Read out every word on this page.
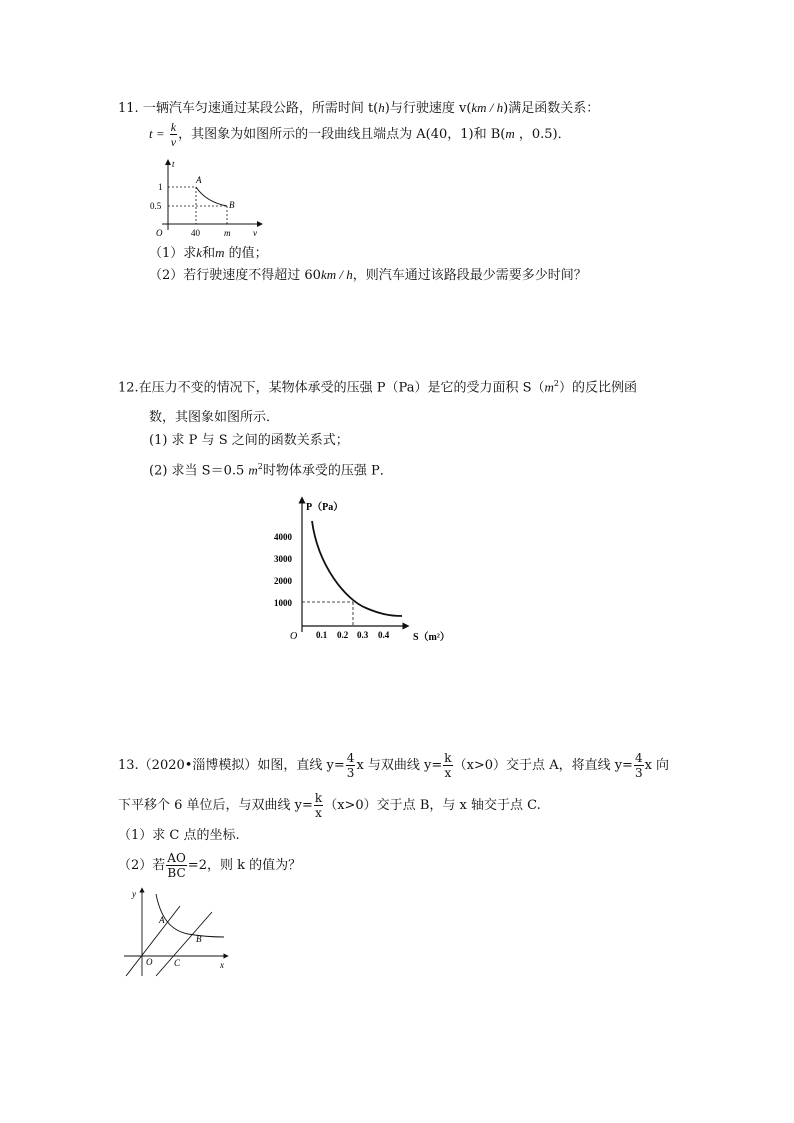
11. 一辆汽车匀速通过某段公路，所需时间 t(h)与行驶速度 v(km / h)满足函数关系：
$t = \frac{k}{v}$ ，其图象为如图所示的一段曲线且端点为 A(40，1)和 B(m ，0.5)．
t
v
O
1
0.5
40	m
A
B
（1）求k和m 的值；
（2）若行驶速度不得超过 60km / h，则汽车通过该路段最少需要多少时间？
12.在压力不变的情况下，某物体承受的压强 P（Pa）是它的受力面积 $S(m^2)$的反比例函
数，其图象如图所示．
(1) 求 P 与 S 之间的函数关系式；
(2) 求当 S＝0.5 $m^2$时物体承受的压强 P．
P（Pa）
S（m²）
O
4000
3000
2000
1000
0.1 0.2 0.3 0.4
13.（2020•淄博模拟）如图，直线 $y= \frac{4}{3}$ x 与双曲线 $y= \frac{k}{x} (x>0)$交于点 A，将直线 $y= \frac{4}{3}$ x 向
下平移个 6 单位后，与双曲线 $y= \frac{k}{x} (x>0)$交于点 B，与 x 轴交于点 C.
（1）求 C 点的坐标.
（2）若 $\frac{AO}{BC} =2$，则 k 的值为？
y
x
O
A
B
C
